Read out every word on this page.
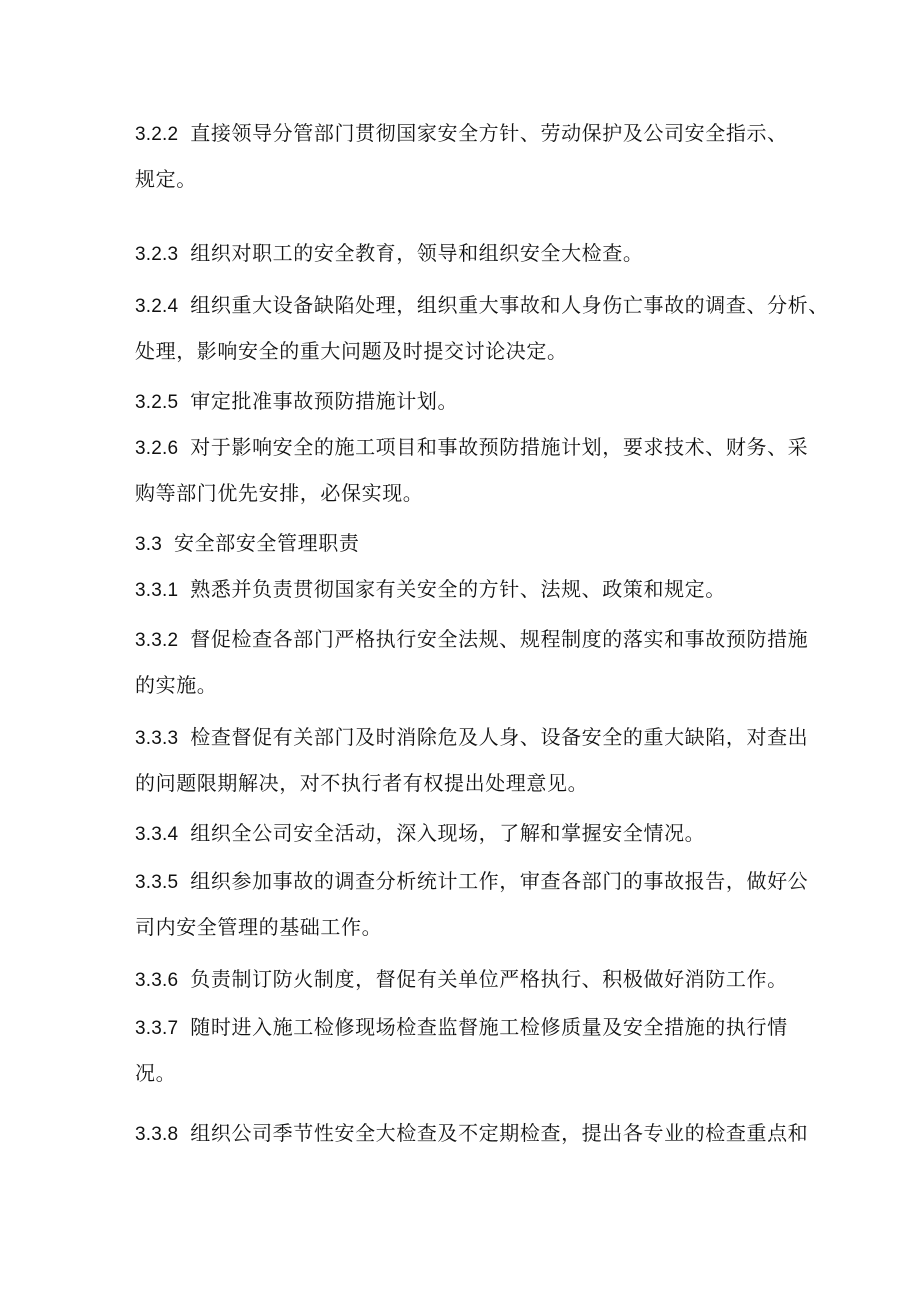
3.2.2 直接领导分管部门贯彻国家安全方针、劳动保护及公司安全指示、
规定。
3.2.3 组织对职工的安全教育，领导和组织安全大检查。
3.2.4 组织重大设备缺陷处理，组织重大事故和人身伤亡事故的调查、分析、
处理，影响安全的重大问题及时提交讨论决定。
3.2.5 审定批准事故预防措施计划。
3.2.6 对于影响安全的施工项目和事故预防措施计划，要求技术、财务、采
购等部门优先安排，必保实现。
3.3 安全部安全管理职责
3.3.1 熟悉并负责贯彻国家有关安全的方针、法规、政策和规定。
3.3.2 督促检查各部门严格执行安全法规、规程制度的落实和事故预防措施
的实施。
3.3.3 检查督促有关部门及时消除危及人身、设备安全的重大缺陷，对查出
的问题限期解决，对不执行者有权提出处理意见。
3.3.4 组织全公司安全活动，深入现场，了解和掌握安全情况。
3.3.5 组织参加事故的调查分析统计工作，审查各部门的事故报告，做好公
司内安全管理的基础工作。
3.3.6 负责制订防火制度，督促有关单位严格执行、积极做好消防工作。
3.3.7 随时进入施工检修现场检查监督施工检修质量及安全措施的执行情
况。
3.3.8 组织公司季节性安全大检查及不定期检查，提出各专业的检查重点和
